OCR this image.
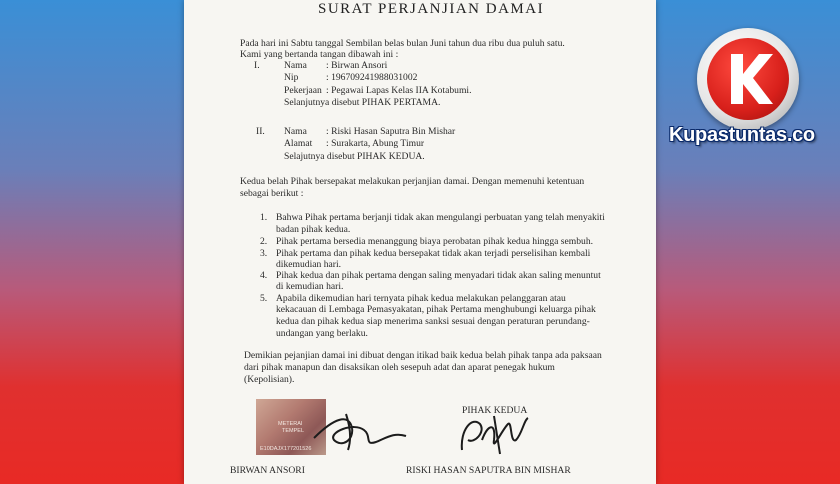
SURAT PERJANJIAN DAMAI
Pada hari ini Sabtu tanggal Sembilan belas bulan Juni tahun dua ribu dua puluh satu.
Kami yang bertanda tangan dibawah ini :
I.	Nama : Birwan Ansori
Nip	: 196709241988031002
Pekerjaan : Pegawai Lapas Kelas IIA Kotabumi.
Selanjutnya disebut PIHAK PERTAMA.
II. Nama : Riski Hasan Saputra Bin Mishar
Alamat : Surakarta, Abung Timur
Selajutnya disebut PIHAK KEDUA.
Kedua belah Pihak bersepakat melakukan perjanjian damai. Dengan memenuhi ketentuan
sebagai berikut :
1. Bahwa Pihak pertama berjanji tidak akan mengulangi perbuatan yang telah menyakiti
badan pihak kedua.
2. Pihak pertama bersedia menanggung biaya perobatan pihak kedua hingga sembuh.
3. Pihak pertama dan pihak kedua bersepakat tidak akan terjadi perselisihan kembali
dikemudian hari.
4. Pihak kedua dan pihak pertama dengan saling menyadari tidak akan saling menuntut
di kemudian hari.
5. Apabila dikemudian hari ternyata pihak kedua melakukan pelanggaran atau
kekacauan di Lembaga Pemasyakatan, pihak Pertama menghubungi keluarga pihak
kedua dan pihak kedua siap menerima sanksi sesuai dengan peraturan perundang-
undangan yang berlaku.
Demikian pejanjian damai ini dibuat dengan itikad baik kedua belah pihak tanpa ada paksaan
dari pihak manapun dan disaksikan oleh sesepuh adat dan aparat penegak hukum
(Kepolisian).
PIHAK KEDUA
METERAI
TEMPEL
E10DAJX177201526
BIRWAN ANSORI	RISKI HASAN SAPUTRA BIN MISHAR
Kupastuntas.co
